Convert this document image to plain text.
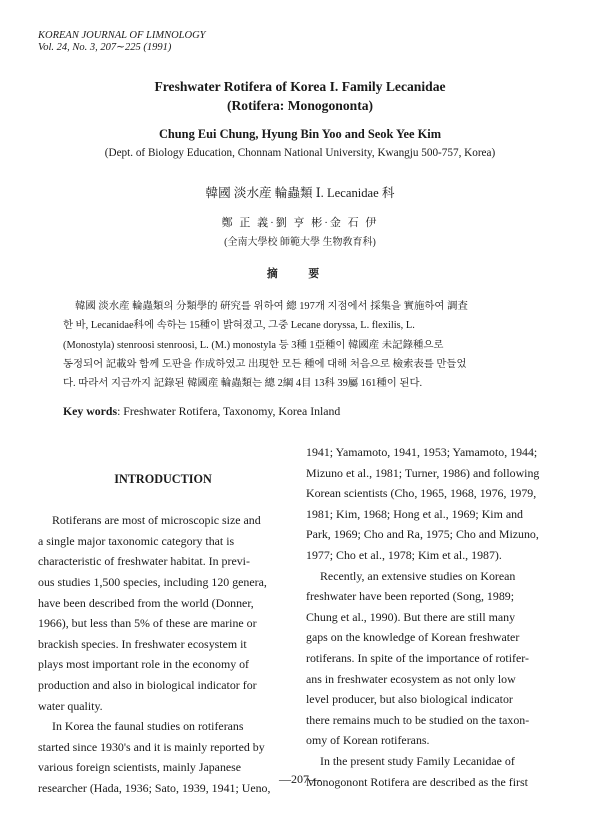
KOREAN JOURNAL OF LIMNOLOGY
Vol. 24, No. 3, 207∼225 (1991)
Freshwater Rotifera of Korea I. Family Lecanidae
(Rotifera: Monogononta)
Chung Eui Chung, Hyung Bin Yoo and Seok Yee Kim
(Dept. of Biology Education, Chonnam National University, Kwangju 500-757, Korea)
韓國 淡水産 輪蟲類 Ⅰ. Lecanidae 科
鄭 正 義·劉 亨 彬·金 石 伊
(全南大學校 師範大學 生物敎育科)
摘 要
韓國 淡水産 輪蟲類의 分類學的 硏究를 위하여 總 197개 지점에서 採集을 實施하여 調査
한 바, Lecanidae科에 속하는 15種이 밝혀졌고, 그중 Lecane doryssa, L. flexilis, L.
(Monostyla) stenroosi stenroosi, L. (M.) monostyla 등 3種 1亞種이 韓國産 未記錄種으로
동정되어 記載와 함께 도판을 作成하였고 出現한 모든 種에 대해 처음으로 檢索表를 만들었
다. 따라서 지금까지 記錄된 韓國産 輪蟲類는 總 2綱 4目 13科 39屬 161種이 된다.
Key words: Freshwater Rotifera, Taxonomy, Korea Inland
INTRODUCTION
Rotiferans are most of microscopic size and
a single major taxonomic category that is
characteristic of freshwater habitat. In previ-
ous studies 1,500 species, including 120 genera,
have been described from the world (Donner,
1966), but less than 5% of these are marine or
brackish species. In freshwater ecosystem it
plays most important role in the economy of
production and also in biological indicator for
water quality.
In Korea the faunal studies on rotiferans
started since 1930's and it is mainly reported by
various foreign scientists, mainly Japanese
researcher (Hada, 1936; Sato, 1939, 1941; Ueno,
1941; Yamamoto, 1941, 1953; Yamamoto, 1944;
Mizuno et al., 1981; Turner, 1986) and following
Korean scientists (Cho, 1965, 1968, 1976, 1979,
1981; Kim, 1968; Hong et al., 1969; Kim and
Park, 1969; Cho and Ra, 1975; Cho and Mizuno,
1977; Cho et al., 1978; Kim et al., 1987).
Recently, an extensive studies on Korean
freshwater have been reported (Song, 1989;
Chung et al., 1990). But there are still many
gaps on the knowledge of Korean freshwater
rotiferans. In spite of the importance of rotifer-
ans in freshwater ecosystem as not only low
level producer, but also biological indicator
there remains much to be studied on the taxon-
omy of Korean rotiferans.
In the present study Family Lecanidae of
Monogonont Rotifera are described as the first
—207—
